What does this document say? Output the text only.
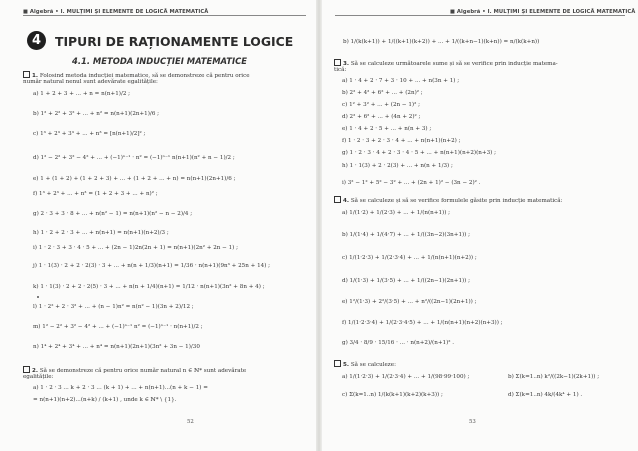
■ Algebră • I. MULȚIMI ȘI ELEMENTE DE LOGICĂ MATEMATICĂ
4	TIPURI DE RAȚIONAMENTE LOGICE
4.1. METODA INDUCȚIEI MATEMATICE
1. Folosind metoda inducției matematice, să se demonstreze că pentru orice
număr natural nenul sunt adevărate egalitățile:
a) 1 + 2 + 3 + ... + n = n(n+1)/2 ;
b) 1² + 2² + 3² + ... + n² = n(n+1)(2n+1)/6 ;
c) 1³ + 2³ + 3³ + ... + n³ = [n(n+1)/2]² ;
d) 1² − 2² + 3² − 4² + ... + (−1)ⁿ⁻¹ · n² = (−1)ⁿ⁻¹ n(n+1)(n² + n − 1)/2 ;
e) 1 + (1 + 2) + (1 + 2 + 3) + ... + (1 + 2 + ... + n) = n(n+1)(2n+1)/6 ;
f) 1³ + 2³ + ... + n³ = (1 + 2 + 3 + ... + n)² ;
g) 2 · 3 + 3 · 8 + ... + n(n² − 1) = n(n+1)(n² − n − 2)/4 ;
h) 1 · 2 + 2 · 3 + ... + n(n+1) = n(n+1)(n+2)/3 ;
i) 1 · 2 · 3 + 3 · 4 · 5 + ... + (2n − 1)2n(2n + 1) = n(n+1)(2n² + 2n − 1) ;
j) 1 · 1(3) · 2 + 2 · 2(3) · 3 + ... + n(n + 1/3)(n+1) = 1/36 · n(n+1)(9n³ + 25n + 14) ;
k) 1 · 1(3) · 2 + 2 · 2(5) · 3 + ... + n(n + 1/4)(n+1) = 1/12 · n(n+1)(3n² + 8n + 4) ;
l) 1 · 2² + 2 · 3² + ... + (n − 1)n² = n(n² − 1)(3n + 2)/12 ;
m) 1² − 2² + 3² − 4² + ... + (−1)ⁿ⁻¹ n² = (−1)ⁿ⁻¹ · n(n+1)/2 ;
n) 1⁴ + 2⁴ + 3⁴ + ... + n⁴ = n(n+1)(2n+1)(3n² + 3n − 1)/30
2. Să se demonstreze că pentru orice număr natural n ∈ ℕ* sunt adevărate
egalitățile:
a) 1 · 2 · 3 ... k + 2 · 3 ... (k + 1) + ... + n(n+1)...(n + k − 1) =
= n(n+1)(n+2)...(n+k) / (k+1) , unde k ∈ ℕ* \ {1}.
52
■ Algebră • I. MULȚIMI ȘI ELEMENTE DE LOGICĂ MATEMATICĂ
b) 1/(k(k+1)) + 1/((k+1)(k+2)) + ... + 1/((k+n−1)(k+n)) = n/(k(k+n))
3. Să se calculeze următoarele sume și să se verifice prin inducție matema-
tică:
a) 1 · 4 + 2 · 7 + 3 · 10 + ... + n(3n + 1) ;
b) 2² + 4² + 6² + ... + (2n)² ;
c) 1² + 3² + ... + (2n − 1)² ;
d) 2² + 6² + ... + (4n + 2)² ;
e) 1 · 4 + 2 · 5 + ... + n(n + 3) ;
f) 1 · 2 · 3 + 2 · 3 · 4 + ... + n(n+1)(n+2) ;
g) 1 · 2 · 3 · 4 + 2 · 3 · 4 · 5 + ... + n(n+1)(n+2)(n+3) ;
h) 1 · 1(3) + 2 · 2(3) + ... + n(n + 1/3) ;
i) 3² − 1² + 5² − 3² + ... + (2n + 1)² − (3n − 2)² .
4. Să se calculeze și să se verifice formulele găsite prin inducție matematică:
a) 1/(1·2) + 1/(2·3) + ... + 1/(n(n+1)) ;
b) 1/(1·4) + 1/(4·7) + ... + 1/((3n−2)(3n+1)) ;
c) 1/(1·2·3) + 1/(2·3·4) + ... + 1/(n(n+1)(n+2)) ;
d) 1/(1·3) + 1/(3·5) + ... + 1/((2n−1)(2n+1)) ;
e) 1²/(1·3) + 2²/(3·5) + ... + n²/((2n−1)(2n+1)) ;
f) 1/(1·2·3·4) + 1/(2·3·4·5) + ... + 1/(n(n+1)(n+2)(n+3)) ;
g) 3/4 · 8/9 · 15/16 · ... · n(n+2)/(n+1)² .
5. Să se calculeze:
a) 1/(1·2·3) + 1/(2·3·4) + ... + 1/(98·99·100) ;	b) Σ(k=1..n) k²/((2k−1)(2k+1)) ;
c) Σ(k=1..n) 1/(k(k+1)(k+2)(k+3)) ;	d) Σ(k=1..n) 4k/(4k⁴ + 1) .
53
